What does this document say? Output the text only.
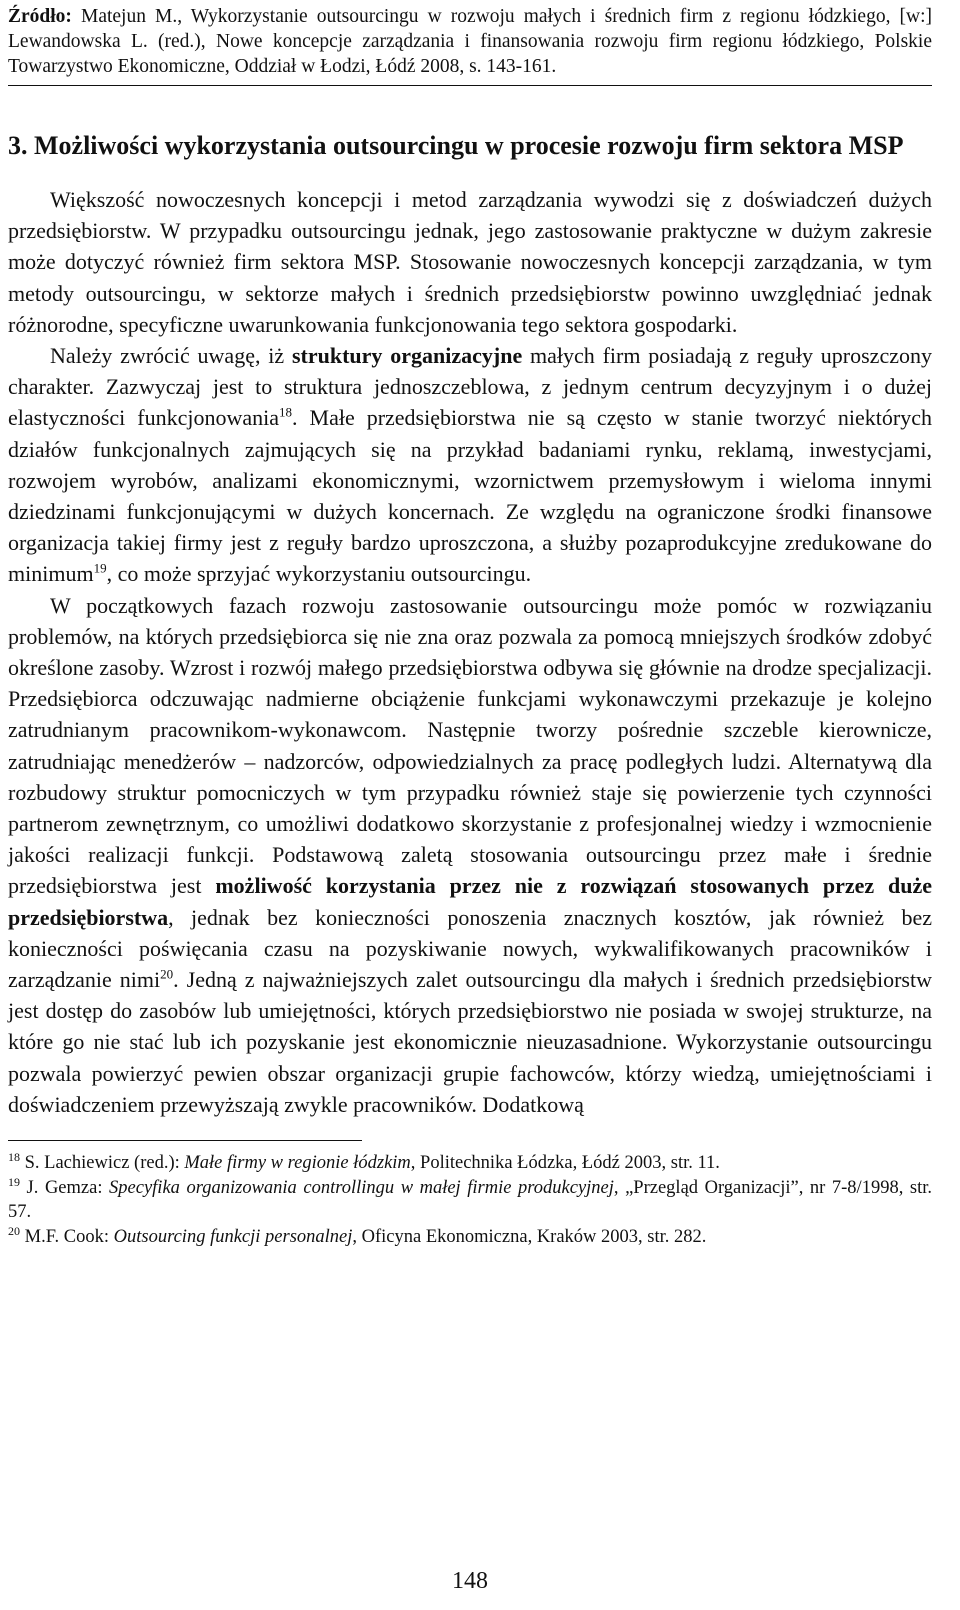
Źródło: Matejun M., Wykorzystanie outsourcingu w rozwoju małych i średnich firm z regionu łódzkiego, [w:] Lewandowska L. (red.), Nowe koncepcje zarządzania i finansowania rozwoju firm regionu łódzkiego, Polskie Towarzystwo Ekonomiczne, Oddział w Łodzi, Łódź 2008, s. 143-161.

3. Możliwości wykorzystania outsourcingu w procesie rozwoju firm sektora MSP

Większość nowoczesnych koncepcji i metod zarządzania wywodzi się z doświadczeń dużych przedsiębiorstw. W przypadku outsourcingu jednak, jego zastosowanie praktyczne w dużym zakresie może dotyczyć również firm sektora MSP. Stosowanie nowoczesnych koncepcji zarządzania, w tym metody outsourcingu, w sektorze małych i średnich przedsiębiorstw powinno uwzględniać jednak różnorodne, specyficzne uwarunkowania funkcjonowania tego sektora gospodarki.

Należy zwrócić uwagę, iż struktury organizacyjne małych firm posiadają z reguły uproszczony charakter. Zazwyczaj jest to struktura jednoszczeblowa, z jednym centrum decyzyjnym i o dużej elastyczności funkcjonowania$^{18}$. Małe przedsiębiorstwa nie są często w stanie tworzyć niektórych działów funkcjonalnych zajmujących się na przykład badaniami rynku, reklamą, inwestycjami, rozwojem wyrobów, analizami ekonomicznymi, wzornictwem przemysłowym i wieloma innymi dziedzinami funkcjonującymi w dużych koncernach. Ze względu na ograniczone środki finansowe organizacja takiej firmy jest z reguły bardzo uproszczona, a służby pozaprodukcyjne zredukowane do minimum$^{19}$, co może sprzyjać wykorzystaniu outsourcingu.

W początkowych fazach rozwoju zastosowanie outsourcingu może pomóc w rozwiązaniu problemów, na których przedsiębiorca się nie zna oraz pozwala za pomocą mniejszych środków zdobyć określone zasoby. Wzrost i rozwój małego przedsiębiorstwa odbywa się głównie na drodze specjalizacji. Przedsiębiorca odczuwając nadmierne obciążenie funkcjami wykonawczymi przekazuje je kolejno zatrudnianym pracownikom-wykonawcom. Następnie tworzy pośrednie szczeble kierownicze, zatrudniając menedżerów – nadzorców, odpowiedzialnych za pracę podległych ludzi. Alternatywą dla rozbudowy struktur pomocniczych w tym przypadku również staje się powierzenie tych czynności partnerom zewnętrznym, co umożliwi dodatkowo skorzystanie z profesjonalnej wiedzy i wzmocnienie jakości realizacji funkcji. Podstawową zaletą stosowania outsourcingu przez małe i średnie przedsiębiorstwa jest możliwość korzystania przez nie z rozwiązań stosowanych przez duże przedsiębiorstwa, jednak bez konieczności ponoszenia znacznych kosztów, jak również bez konieczności poświęcania czasu na pozyskiwanie nowych, wykwalifikowanych pracowników i zarządzanie nimi$^{20}$. Jedną z najważniejszych zalet outsourcingu dla małych i średnich przedsiębiorstw jest dostęp do zasobów lub umiejętności, których przedsiębiorstwo nie posiada w swojej strukturze, na które go nie stać lub ich pozyskanie jest ekonomicznie nieuzasadnione. Wykorzystanie outsourcingu pozwala powierzyć pewien obszar organizacji grupie fachowców, którzy wiedzą, umiejętnościami i doświadczeniem przewyższają zwykle pracowników. Dodatkową

$^{18}$ S. Lachiewicz (red.): Małe firmy w regionie łódzkim, Politechnika Łódzka, Łódź 2003, str. 11.

$^{19}$ J. Gemza: Specyfika organizowania controllingu w małej firmie produkcyjnej, „Przegląd Organizacji”, nr 7-8/1998, str. 57.

$^{20}$ M.F. Cook: Outsourcing funkcji personalnej, Oficyna Ekonomiczna, Kraków 2003, str. 282.

148
